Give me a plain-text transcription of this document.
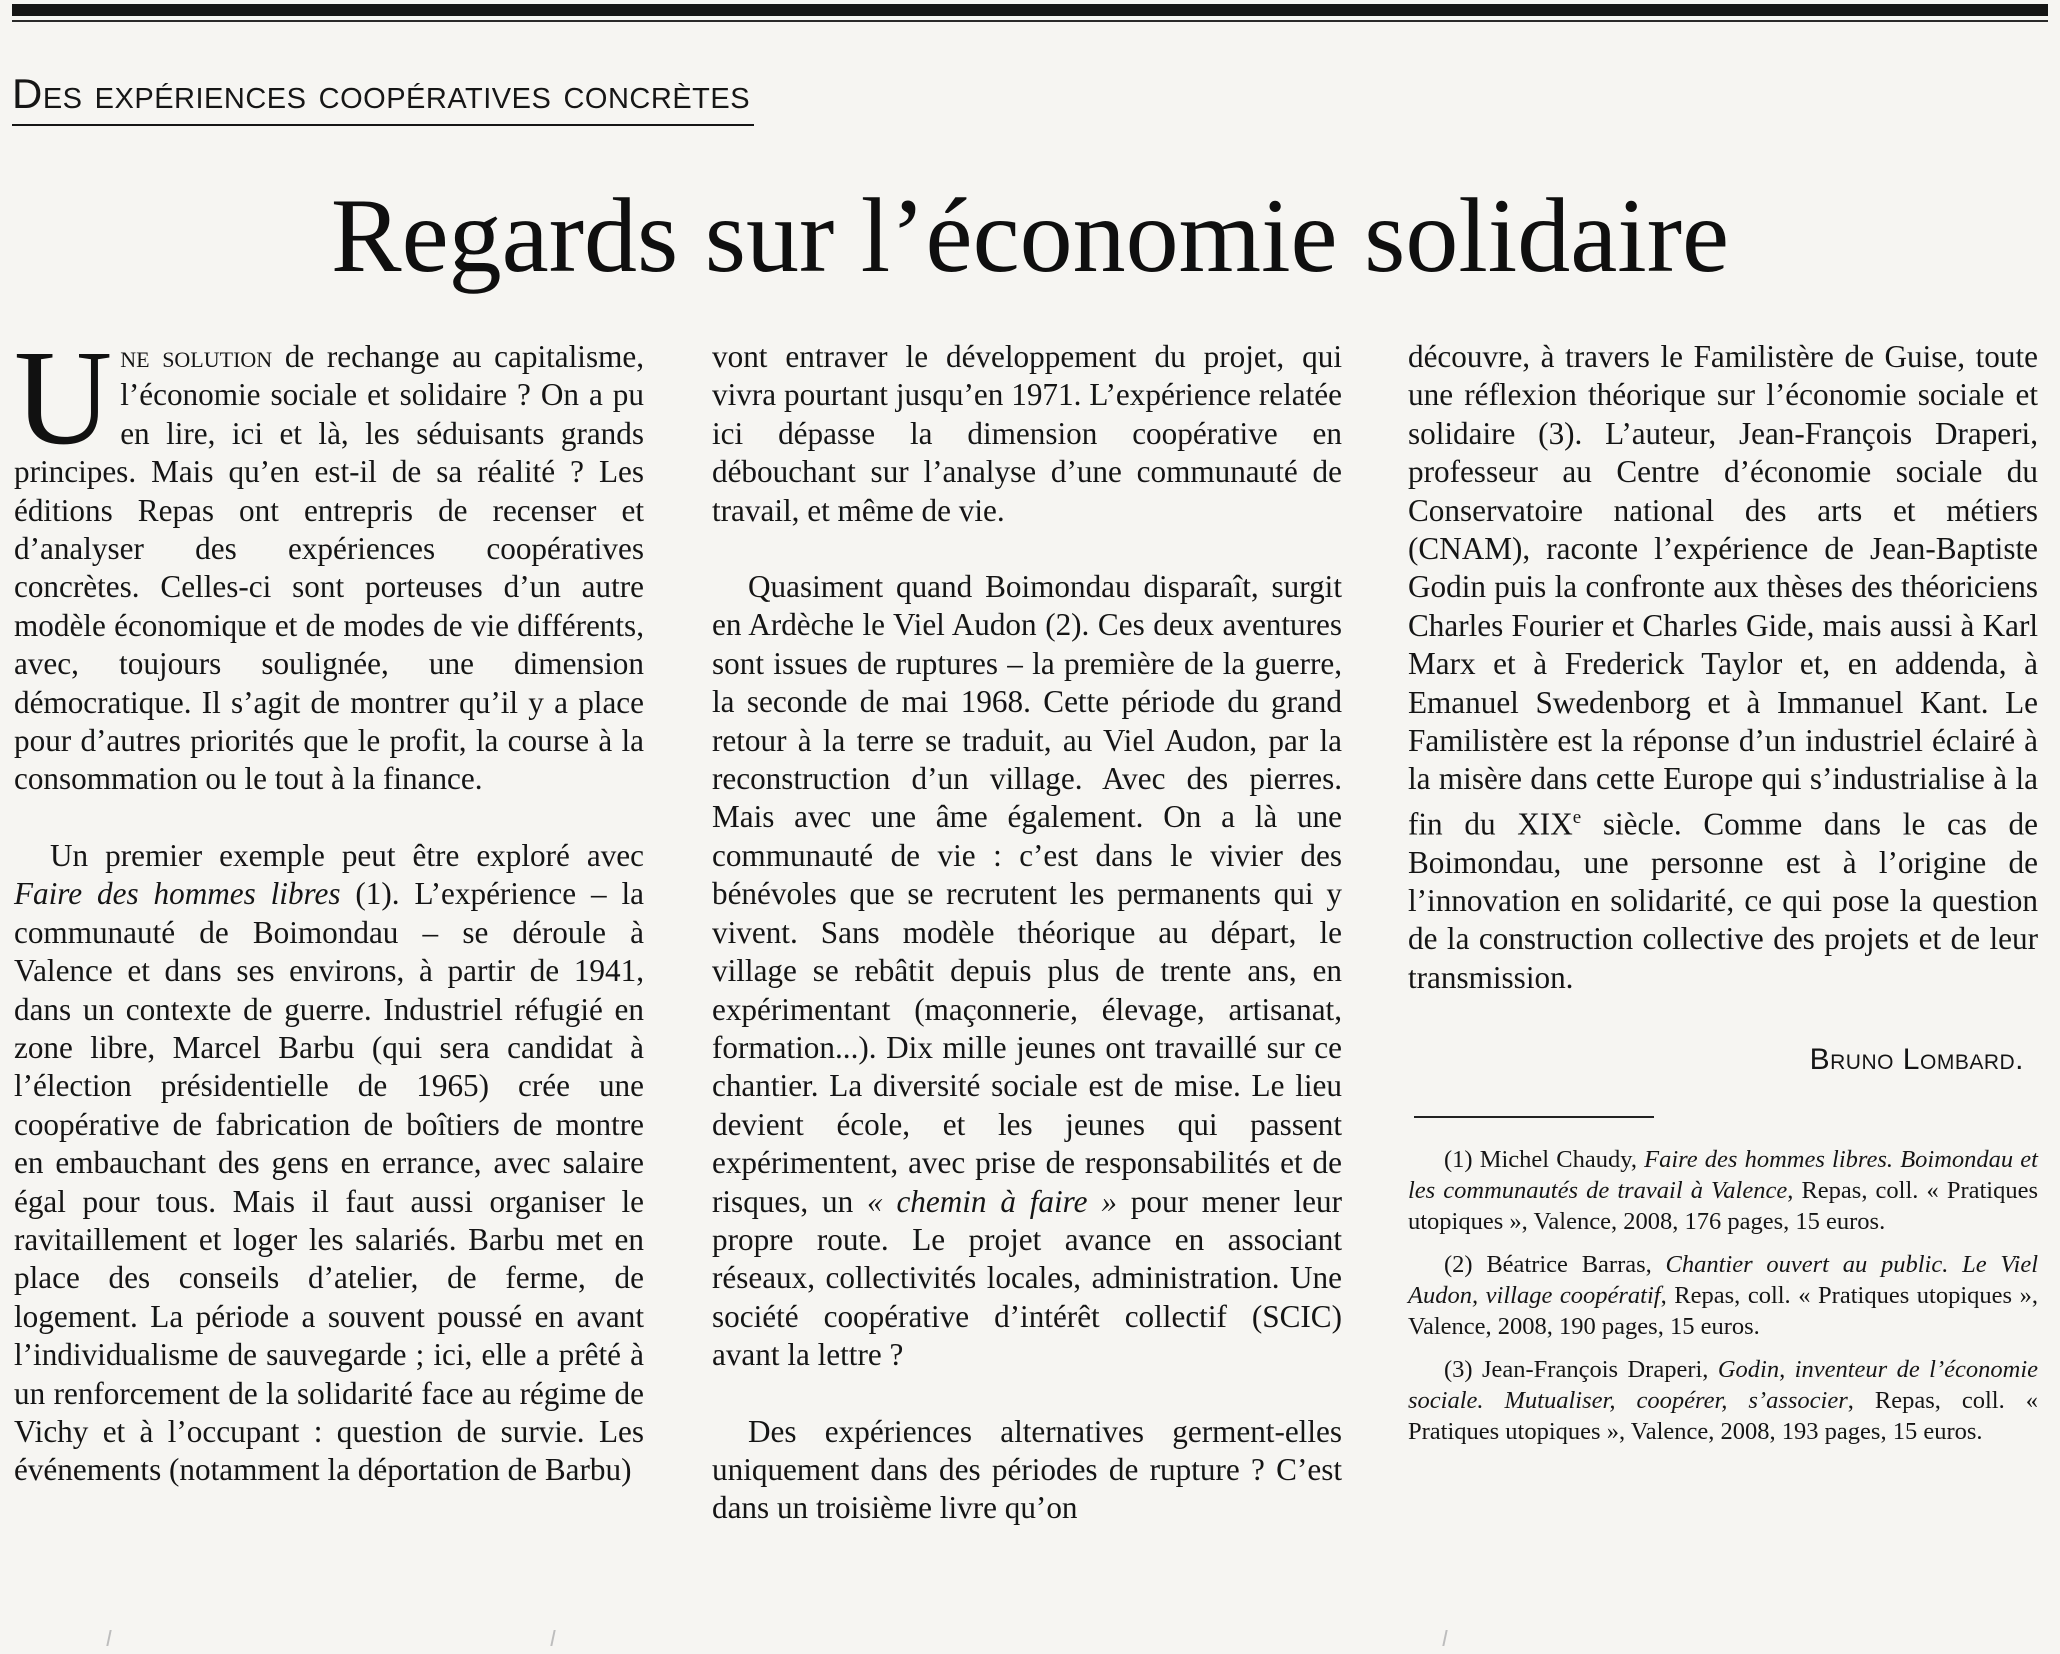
Des expériences coopératives concrètes
Regards sur l’économie solidaire

Une solution de rechange au capitalisme, l’économie sociale et solidaire ? On a pu en lire, ici et là, les séduisants grands principes. Mais qu’en est-il de sa réalité ? Les éditions Repas ont entrepris de recenser et d’analyser des expériences coopératives concrètes. Celles-ci sont porteuses d’un autre modèle économique et de modes de vie différents, avec, toujours soulignée, une dimension démocratique. Il s’agit de montrer qu’il y a place pour d’autres priorités que le profit, la course à la consommation ou le tout à la finance.

Un premier exemple peut être exploré avec Faire des hommes libres (1). L’expérience – la communauté de Boimondau – se déroule à Valence et dans ses environs, à partir de 1941, dans un contexte de guerre. Industriel réfugié en zone libre, Marcel Barbu (qui sera candidat à l’élection présidentielle de 1965) crée une coopérative de fabrication de boîtiers de montre en embauchant des gens en errance, avec salaire égal pour tous. Mais il faut aussi organiser le ravitaillement et loger les salariés. Barbu met en place des conseils d’atelier, de ferme, de logement. La période a souvent poussé en avant l’individualisme de sauvegarde ; ici, elle a prêté à un renforcement de la solidarité face au régime de Vichy et à l’occupant : question de survie. Les événements (notamment la déportation de Barbu)

vont entraver le développement du projet, qui vivra pourtant jusqu’en 1971. L’expérience relatée ici dépasse la dimension coopérative en débouchant sur l’analyse d’une communauté de travail, et même de vie.

Quasiment quand Boimondau disparaît, surgit en Ardèche le Viel Audon (2). Ces deux aventures sont issues de ruptures – la première de la guerre, la seconde de mai 1968. Cette période du grand retour à la terre se traduit, au Viel Audon, par la reconstruction d’un village. Avec des pierres. Mais avec une âme également. On a là une communauté de vie : c’est dans le vivier des bénévoles que se recrutent les permanents qui y vivent. Sans modèle théorique au départ, le village se rebâtit depuis plus de trente ans, en expérimentant (maçonnerie, élevage, artisanat, formation...). Dix mille jeunes ont travaillé sur ce chantier. La diversité sociale est de mise. Le lieu devient école, et les jeunes qui passent expérimentent, avec prise de responsabilités et de risques, un « chemin à faire » pour mener leur propre route. Le projet avance en associant réseaux, collectivités locales, administration. Une société coopérative d’intérêt collectif (SCIC) avant la lettre ?

Des expériences alternatives germent-elles uniquement dans des périodes de rupture ? C’est dans un troisième livre qu’on

découvre, à travers le Familistère de Guise, toute une réflexion théorique sur l’économie sociale et solidaire (3). L’auteur, Jean-François Draperi, professeur au Centre d’économie sociale du Conservatoire national des arts et métiers (CNAM), raconte l’expérience de Jean-Baptiste Godin puis la confronte aux thèses des théoriciens Charles Fourier et Charles Gide, mais aussi à Karl Marx et à Frederick Taylor et, en addenda, à Emanuel Swedenborg et à Immanuel Kant. Le Familistère est la réponse d’un industriel éclairé à la misère dans cette Europe qui s’industrialise à la fin du XIXe siècle. Comme dans le cas de Boimondau, une personne est à l’origine de l’innovation en solidarité, ce qui pose la question de la construction collective des projets et de leur transmission.

Bruno Lombard.

(1) Michel Chaudy, Faire des hommes libres. Boimondau et les communautés de travail à Valence, Repas, coll. « Pratiques utopiques », Valence, 2008, 176 pages, 15 euros.

(2) Béatrice Barras, Chantier ouvert au public. Le Viel Audon, village coopératif, Repas, coll. « Pratiques utopiques », Valence, 2008, 190 pages, 15 euros.

(3) Jean-François Draperi, Godin, inventeur de l’économie sociale. Mutualiser, coopérer, s’associer, Repas, coll. « Pratiques utopiques », Valence, 2008, 193 pages, 15 euros.
